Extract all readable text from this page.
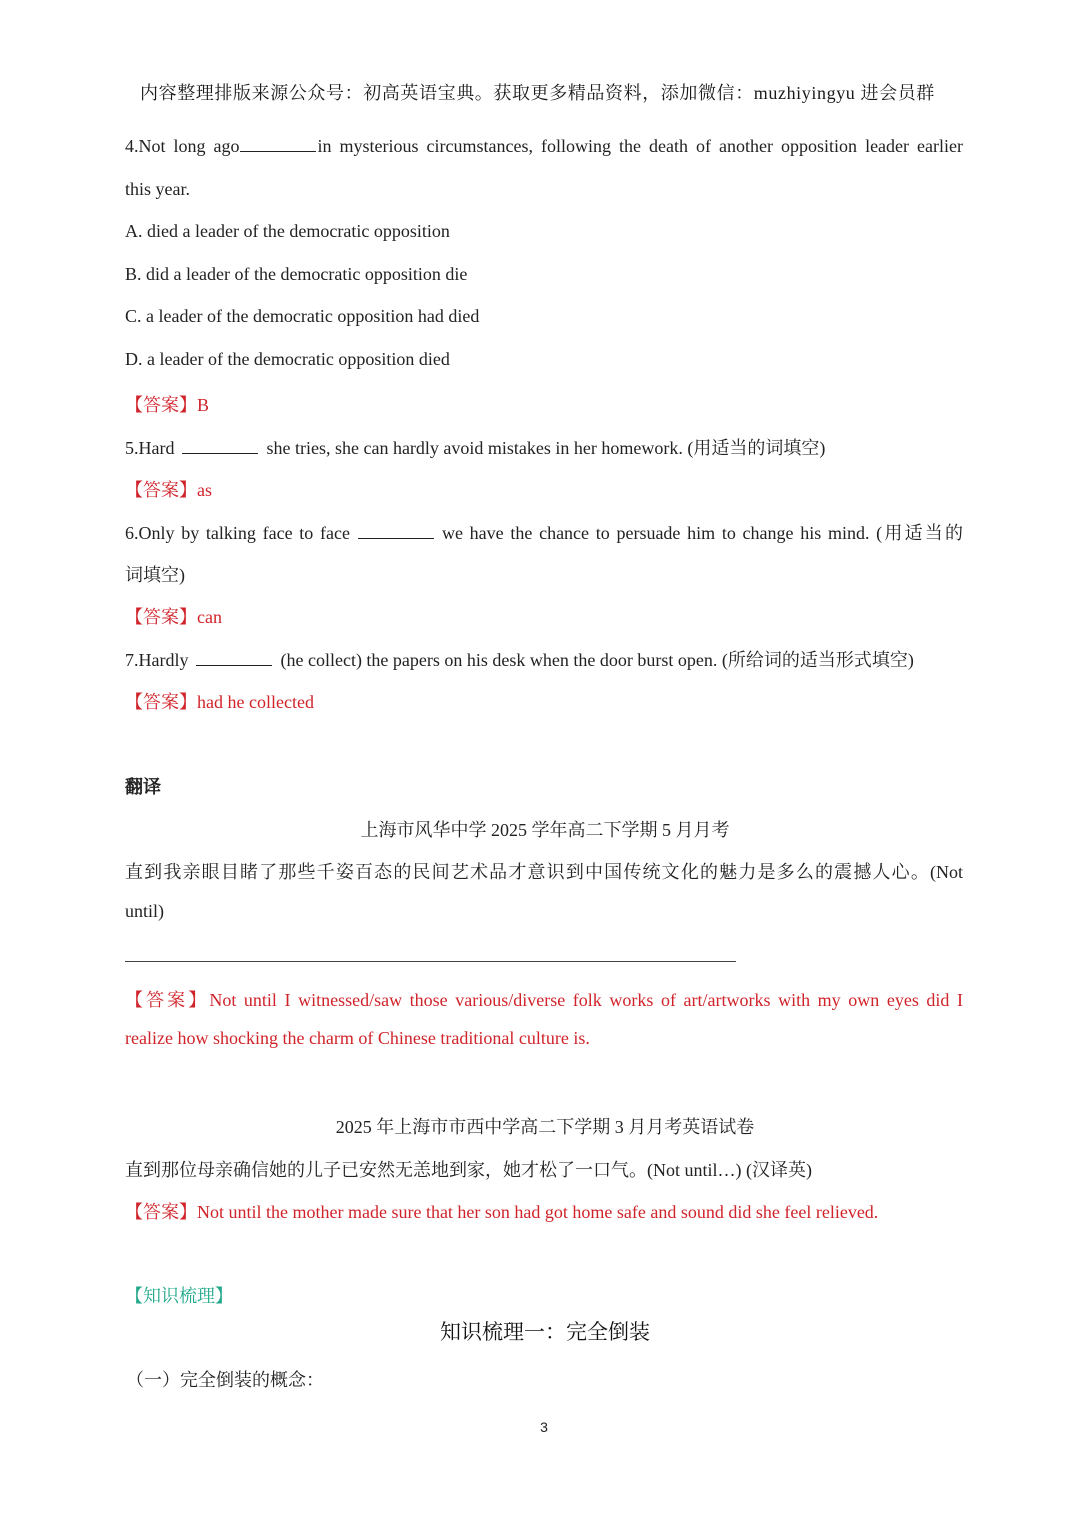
内容整理排版来源公众号：初高英语宝典。获取更多精品资料，添加微信：muzhiyingyu 进会员群
4.Not long ago	in mysterious circumstances, following the death of another opposition leader earlier
this year.
A. died a leader of the democratic opposition
B. did a leader of the democratic opposition die
C. a leader of the democratic opposition had died
D. a leader of the democratic opposition died
【答案】B
5.Hard	she tries, she can hardly avoid mistakes in her homework. (用适当的词填空)
【答案】as
6.Only by talking face to face	we have the chance to persuade him to change his mind. (用适当的
词填空)
【答案】can
7.Hardly	(he collect) the papers on his desk when the door burst open. (所给词的适当形式填空)
【答案】had he collected
翻译
上海市风华中学 2025 学年高二下学期 5 月月考
直到我亲眼目睹了那些千姿百态的民间艺术品才意识到中国传统文化的魅力是多么的震撼人心。(Not
until)
【答案】Not until I witnessed/saw those various/diverse folk works of art/artworks with my own eyes did I
realize how shocking the charm of Chinese traditional culture is.
2025 年上海市市西中学高二下学期 3 月月考英语试卷
直到那位母亲确信她的儿子已安然无恙地到家，她才松了一口气。(Not until…) (汉译英)
【答案】Not until the mother made sure that her son had got home safe and sound did she feel relieved.
【知识梳理】
知识梳理一：完全倒装
（一）完全倒装的概念：
3
